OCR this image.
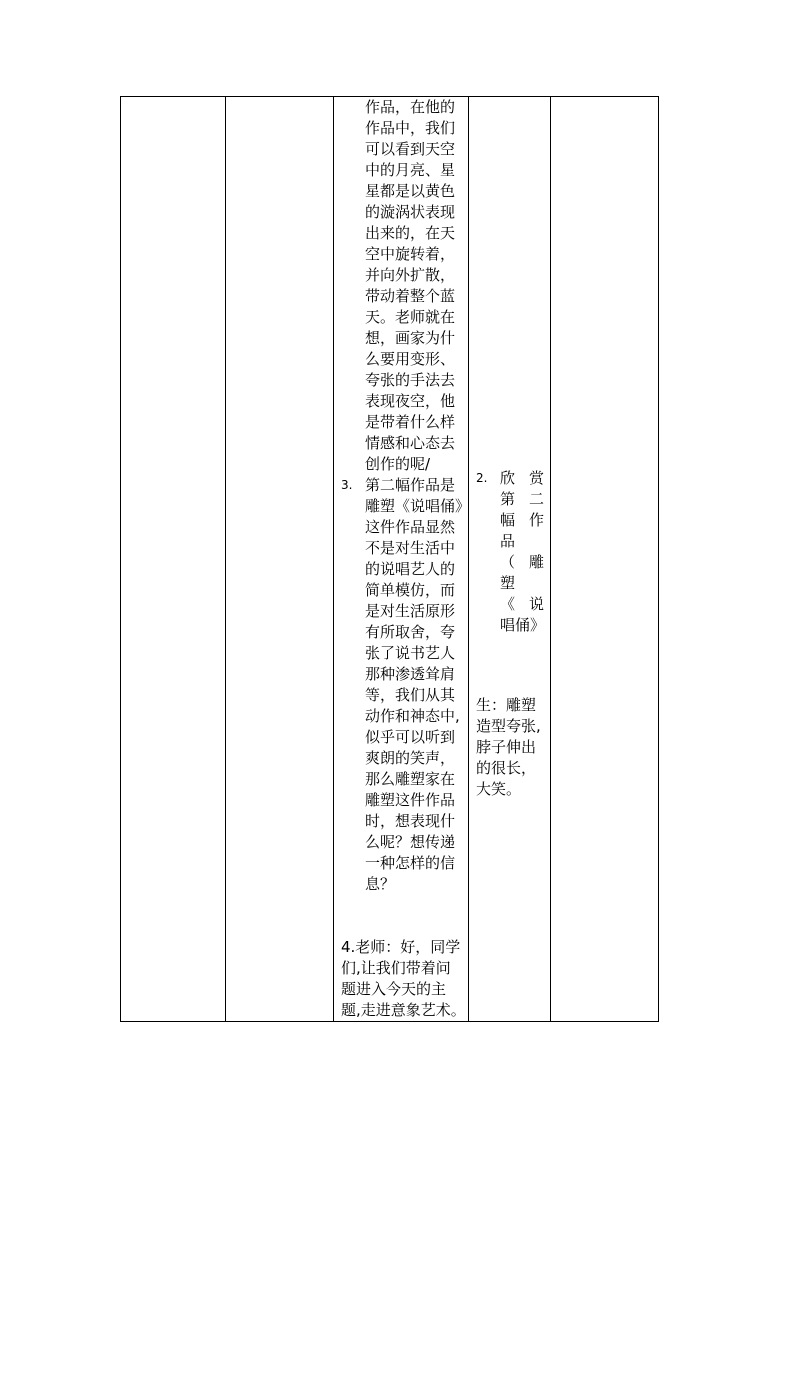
作品，在他的
作品中，我们
可以看到天空
中的月亮、星
星都是以黄色
的漩涡状表现
出来的，在天
空中旋转着，
并向外扩散，
带动着整个蓝
天。老师就在
想，画家为什
么要用变形、
夸张的手法去
表现夜空，他
是带着什么样
情感和心态去
创作的呢/
3. 第二幅作品是
雕塑《说唱俑》
这件作品显然
不是对生活中
的说唱艺人的
简单模仿，而
是对生活原形
有所取舍，夸
张了说书艺人
那种渗透耸肩
等，我们从其
动作和神态中,
似乎可以听到
爽朗的笑声，
那么雕塑家在
雕塑这件作品
时，想表现什
么呢？想传递
一种怎样的信
息？
4.老师：好，同学
们,让我们带着问
题进入今天的主
题,走进意象艺术。

2. 欣 赏
第 二
幅 作
品
（ 雕
塑
《 说
唱俑》
生：雕塑
造型夸张,
脖子伸出
的很长，
大笑。
